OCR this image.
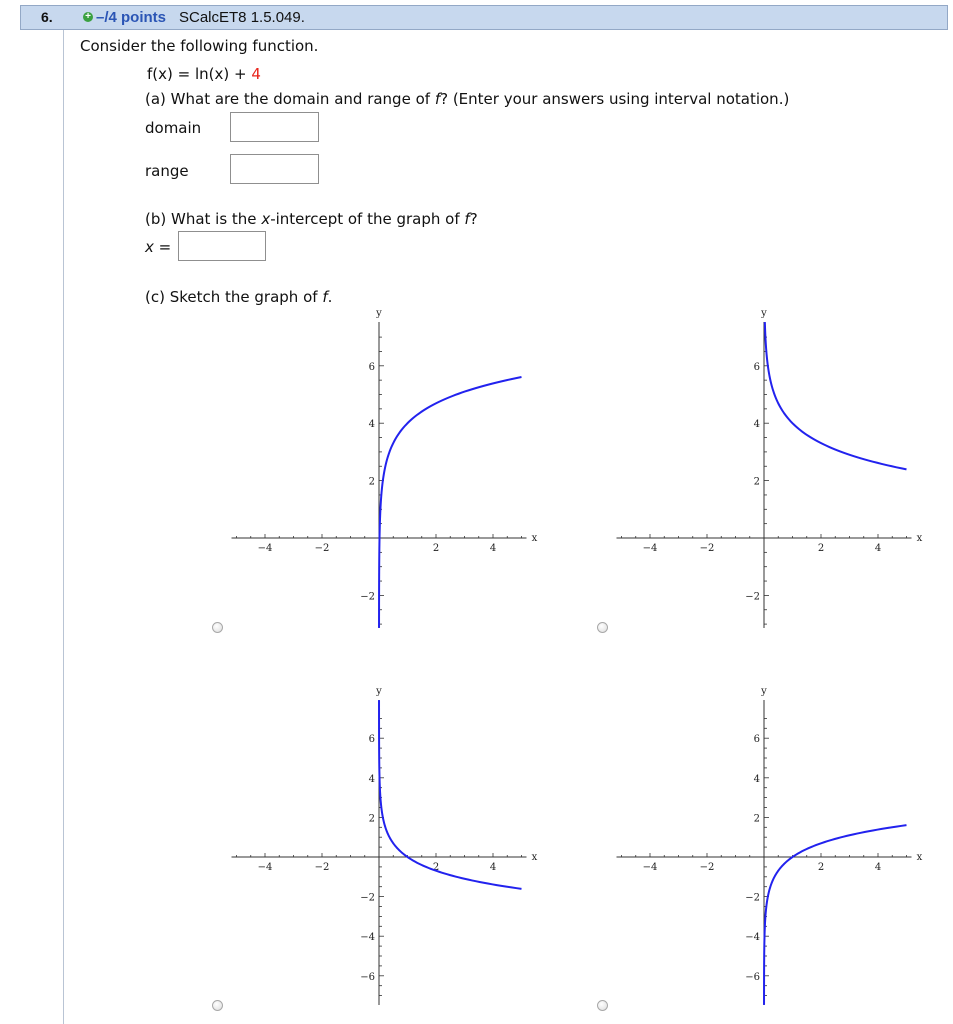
6.	+ –/4 points SCalcET8 1.5.049.
Consider the following function.
f(x) = ln(x) + 4
(a) What are the domain and range of f? (Enter your answers using interval notation.)
domain
range
(b) What is the x-intercept of the graph of f?
x =
(c) Sketch the graph of f.
−4	−2	2	4
−2
2
4
6
x
y
−4	−2	2	4
−2
2
4
6
x
y
−4	−2	2	4
−6
−4
−2
2
4
6
x
y
−4	−2	2	4
−6
−4
−2
2
4
6
x
y
